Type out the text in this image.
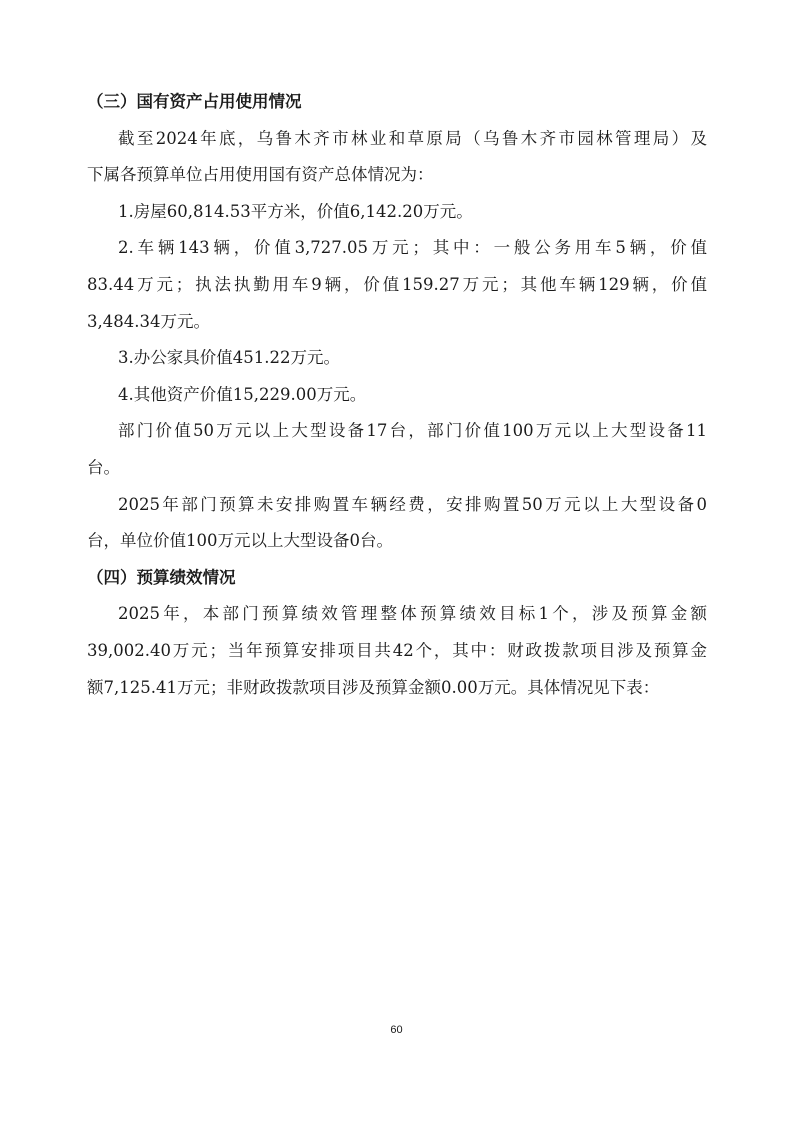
（三）国有资产占用使用情况
截至2024年底，乌鲁木齐市林业和草原局（乌鲁木齐市园林管理局）及
下属各预算单位占用使用国有资产总体情况为：
1.房屋60,814.53平方米，价值6,142.20万元。
2.车辆143辆，价值3,727.05万元；其中：一般公务用车5辆，价值
83.44万元；执法执勤用车9辆，价值159.27万元；其他车辆129辆，价值
3,484.34万元。
3.办公家具价值451.22万元。
4.其他资产价值15,229.00万元。
部门价值50万元以上大型设备17台，部门价值100万元以上大型设备11
台。
2025年部门预算未安排购置车辆经费，安排购置50万元以上大型设备0
台，单位价值100万元以上大型设备0台。
（四）预算绩效情况
2025年，本部门预算绩效管理整体预算绩效目标1个，涉及预算金额
39,002.40万元；当年预算安排项目共42个，其中：财政拨款项目涉及预算金
额7,125.41万元；非财政拨款项目涉及预算金额0.00万元。具体情况见下表：
60
